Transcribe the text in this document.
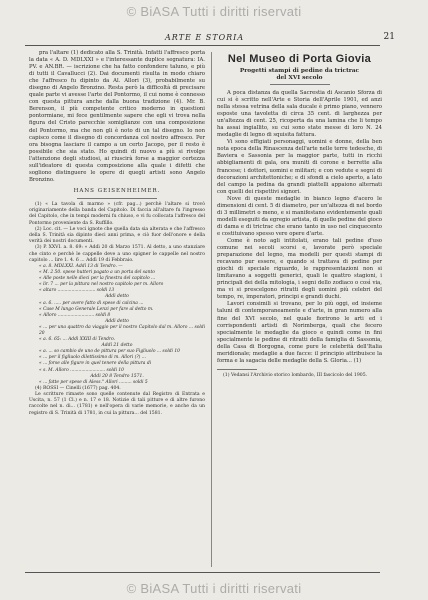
© BiASA Tutti i diritti riservati
ARTE E STORIA	21

pra l'altare (1) dedicato alla S. Trinità. Infatti l'affresco porta la data « A. D. MDLXXI » e l'interessante duplice segnatura: IA. PV. e AN.BR. — iscrizione che ha fatto confondere taluno, e più di tutti il Cavallucci (2). Dai documenti risulta in modo chiaro che l'affresco fu dipinto da Al. Allori (3), probabilmente su disegno di Angelo Bronzino. Resta però la difficoltà di precisare quale parte vi avesse l'arte del Pontormo, il cui nome è connesso con questa pittura anche dalla buona tradizione (4). Mr. B. Berenson, il più competente critico moderno in questioni pontormiane, mi fece gentilmente sapere che egli vi trova nella figura del Cristo parecchie somiglianze con una composizione del Pontormo, ma che non gli è noto di un tal disegno. Io non capisco come il disegno di concordanza col nostro affresco. Per ora bisogna lasciare il campo a un certo Jacopo, per il resto è possibile che sia stato. Ho quindi di nuovo a più si rivolge l'attenzione degli studiosi, ai riuscirà forse a maggior certezza sull'ideatore di questa composizione alla quale i difetti che sogliono distinguere le opere di quegli artisti sono Angelo Bronzino.

HANS GEISENHEIMER.

(1) « La tavola di marmo » (cfr. pag...) perchè l'altare si trovò originariamente della banda del Capitolo. Di faccia all'altare fu l'ingresso del Capitolo, che in tempi moderni fu chiuso, e vi fu collocata l'affresco del Pontormo proveniente da S. Ruffillo.

(2) Loc. cit. — Le voci ignote che quella data sia alterata e che l'affresco della S. Trinità sia dipinto dieci anni prima, e ciò fuor dell'onore e della verità dei nostri documenti.

(3) P. XXVI. a. 8. 69: « Addì 20 di Marzo 1571. Al detto, a uno stanziare che cinto e perchè le cappelle deve a uno spigner le cappelle nel nostro capitolo ... lire 1. 4. 6 ... Addì 19 di Febbraio.

« a. 8. MDLXXI. Addì 13 di Tendro. —

« M. 2 50. spese hutteri pagato a un porta del santo

« Alle poste nelle dieci per la finestra del capitolo ...

« lir. 7 ... per la pittura nel nostro capitolo per m. Alloro

« altaro ........................... soldi 13

Addì detto

« a. 6. ..... per avere fatto di spese di calcina ...

« Case M lungo Generale Lenzi per fare al detto m.

« Alloro .......................... soldi 8

Addì detto

« ... per una quattro da viaggio per il nostro Capitolo dal m. Alloro ... soldi 20

« a. 6. 65: ... Addì XXIII di Tendro.

Addì 21 detto

« a. ... so cambio de uno de pittura per suo Figliuolo ... soldi 10

« ... per il figliuolo dilettissimo di m. Allori (?) ...

« ... forse alle figure in quel tenere della pittura di

« s. M. Alloro ......................... soldi 10

Addì 20 8 Tendro 1571.

« ... fatte per spese di Aless.° Allori ......... soldi 5

(4) ROSSI — Cinelli (1677) pag. 404.

Le scritture rimaste sono quelle contenute dal Registro di Entrata e Uscita, n. 57 (1 Cl.) e n. 17 e 18. Notizie di tali pitture e di altre furono raccolte nel n. di... (1781) e nell'opera di varie memorie, e anche da un registro di S. Trinità di 1781, in cui la pittura... del 1581.

Nel Museo di Porta Giovia
Progetti stampi di pedine da trictrac
del XVI secolo

A poca distanza da quella Sacrestia di Ascanio Sforza di cui si è scritto nell'Arte e Storia dell'Aprile 1901, ed anzi nella stessa vetrina della sala ducale è primo piano, vennero esposte una tavoletta di circa 35 cent. di larghezza per un'altezza di cent. 25, ricoperta da una lamina che li tempo ha assai ingiallito, su cui sono state messe di loro N. 24 medaglie di legno di squisita fattura.

Vi sono effigiati personaggi, uomini e donne, della ben nota epoca della Rinascenza dell'arte nelle terre tedesche, di Baviera e Sassonia per la maggior parte, tutti in ricchi abbigliamenti di gala, ora muniti di corone e berrette alla francese; i dottori, uomini e militari; e con vedute e segni di decorazioni architettoniche; e di sfondi a cielo aperto, a lato del campo la pedina da grandi piattelli appaiono alternati con quelli dei rispettivi signori.

Nove di queste medaglie in bianco legno d'acero le dimensioni di cent. 5 di diametro, per un'altezza di nel bordo di 3 millimetri o meno, e si manifestano evidentemente quali modelli eseguiti da egregio artista, di quelle pedine del gioco di dama e di trictrac che erano tanto in uso nel cinquecento e costituivano spesso vere opere d'arte.

Come è noto agli intitolati, erano tali pedine d'uso comune nei secoli scorsi e, lavorate però speciale preparazione del legno, ma modelli per questi stampi di recavano pur essere, e quando si trattava di pedine per giochi di speciale riguardo, le rappresentazioni non si limitavano a soggetti generici, quali le quattro stagioni, i principali dei della mitologia, i segni dello zodiaco o così via, ma vi si prescelgono ritratti degli uomini più celebri del tempo, re, imperatori, principi e grandi duchi.

Lavori consimili si trovano, per lo più oggi, ed insieme taluni di contemporaneamente e d'arte, in gran numero alla fine del XVI secolo, nel quale fiorirono le arti ed i corrispondenti artisti di Norimberga, quali che fecero specialmente le medaglie da gioco e quindi come in fini specialmente le pedine di ritratti della famiglia di Sassonia, della Casa di Borgogna, come pure le celebrità dell'Italia meridionale; medaglie a due facce: il principio attribuisce la forma e la sagacia delle medaglie della S. Gloria... (1)

(1) Vedansi l'Archivio storico lombardo, III fascicolo del 1905.

© BiASA Tutti i diritti riservati
